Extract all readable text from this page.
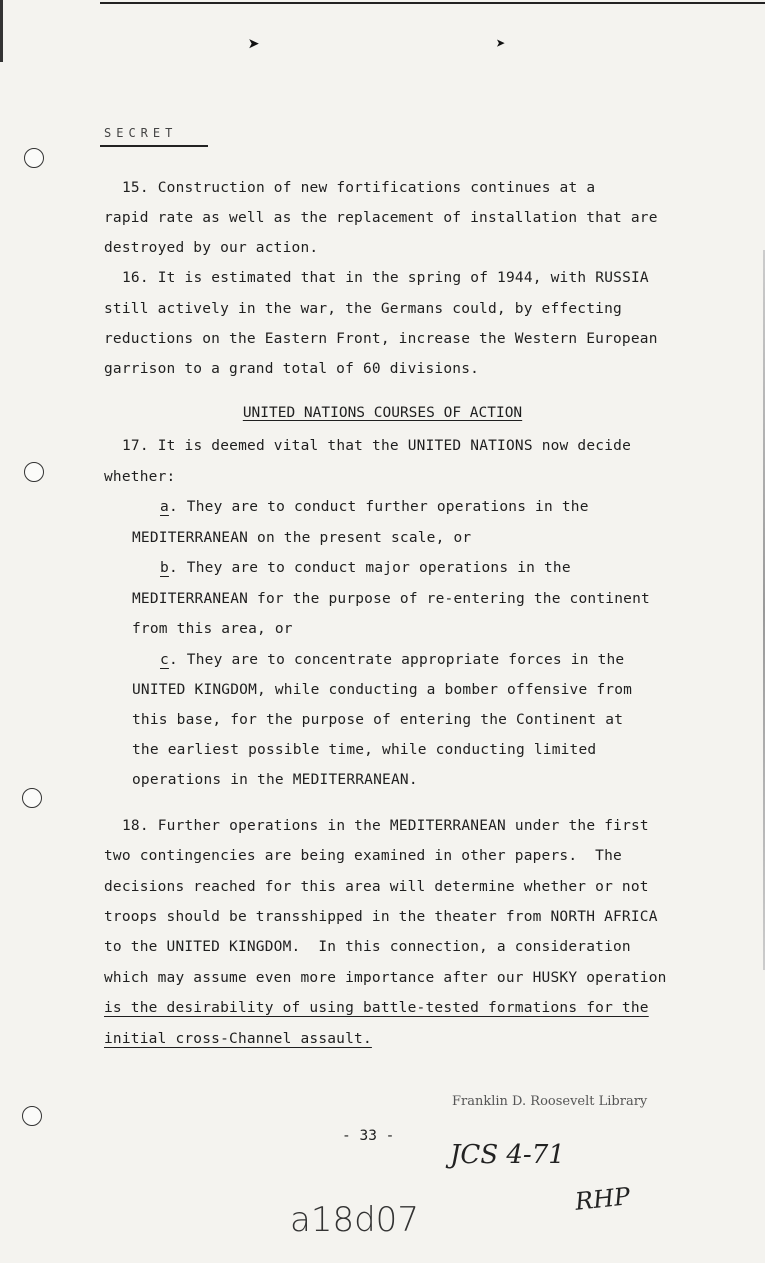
➤	➤
SECRET
15. Construction of new fortifications continues at a
rapid rate as well as the replacement of installation that are
destroyed by our action.
16. It is estimated that in the spring of 1944, with RUSSIA
still actively in the war, the Germans could, by effecting
reductions on the Eastern Front, increase the Western European
garrison to a grand total of 60 divisions.
UNITED NATIONS COURSES OF ACTION
17. It is deemed vital that the UNITED NATIONS now decide
whether:
a. They are to conduct further operations in the
MEDITERRANEAN on the present scale, or
b. They are to conduct major operations in the
MEDITERRANEAN for the purpose of re-entering the continent
from this area, or
c. They are to concentrate appropriate forces in the
UNITED KINGDOM, while conducting a bomber offensive from
this base, for the purpose of entering the Continent at
the earliest possible time, while conducting limited
operations in the MEDITERRANEAN.
18. Further operations in the MEDITERRANEAN under the first
two contingencies are being examined in other papers.  The
decisions reached for this area will determine whether or not
troops should be transshipped in the theater from NORTH AFRICA
to the UNITED KINGDOM.  In this connection, a consideration
which may assume even more importance after our HUSKY operation
is the desirability of using battle-tested formations for the
initial cross-Channel assault.
Franklin D. Roosevelt Library
- 33 -
JCS 4-71
RHP
a18d07
